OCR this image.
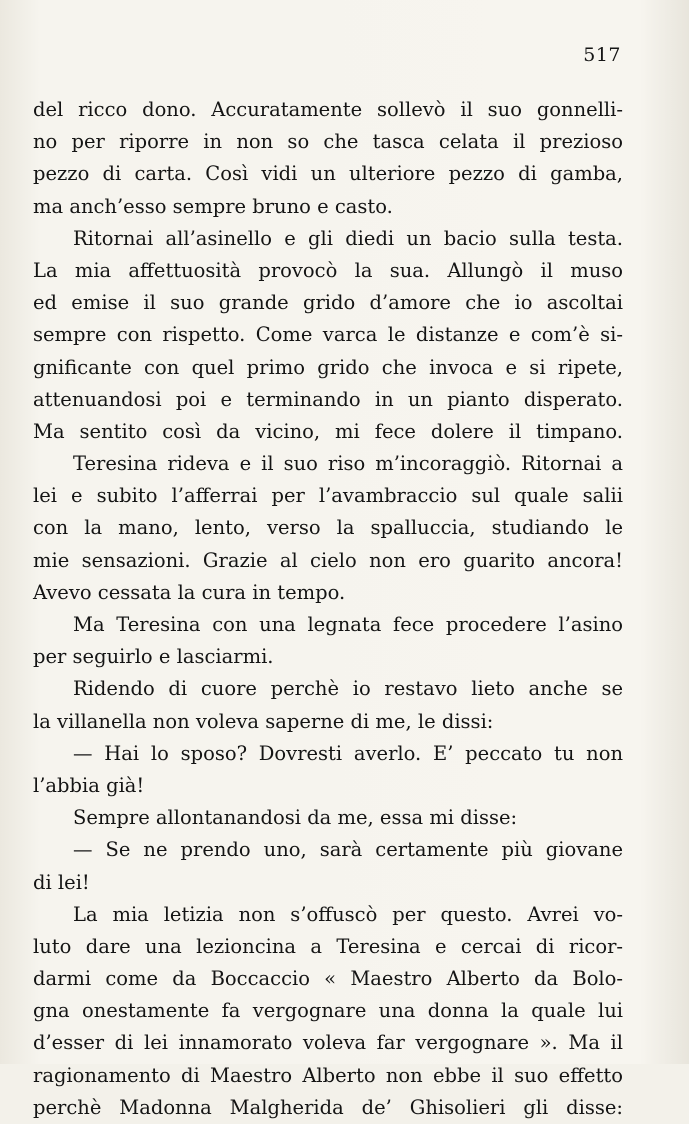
517
del ricco dono. Accuratamente sollevò il suo gonnelli-
no per riporre in non so che tasca celata il prezioso
pezzo di carta. Così vidi un ulteriore pezzo di gamba,
ma anch’esso sempre bruno e casto.
Ritornai all’asinello e gli diedi un bacio sulla testa.
La mia affettuosità provocò la sua. Allungò il muso
ed emise il suo grande grido d’amore che io ascoltai
sempre con rispetto. Come varca le distanze e com’è si-
gnificante con quel primo grido che invoca e si ripete,
attenuandosi poi e terminando in un pianto disperato.
Ma sentito così da vicino, mi fece dolere il timpano.
Teresina rideva e il suo riso m’incoraggiò. Ritornai a
lei e subito l’afferrai per l’avambraccio sul quale salii
con la mano, lento, verso la spalluccia, studiando le
mie sensazioni. Grazie al cielo non ero guarito ancora!
Avevo cessata la cura in tempo.
Ma Teresina con una legnata fece procedere l’asino
per seguirlo e lasciarmi.
Ridendo di cuore perchè io restavo lieto anche se
la villanella non voleva saperne di me, le dissi:
— Hai lo sposo? Dovresti averlo. E’ peccato tu non
l’abbia già!
Sempre allontanandosi da me, essa mi disse:
— Se ne prendo uno, sarà certamente più giovane
di lei!
La mia letizia non s’offuscò per questo. Avrei vo-
luto dare una lezioncina a Teresina e cercai di ricor-
darmi come da Boccaccio « Maestro Alberto da Bolo-
gna onestamente fa vergognare una donna la quale lui
d’esser di lei innamorato voleva far vergognare ». Ma il
ragionamento di Maestro Alberto non ebbe il suo effetto
perchè Madonna Malgherida de’ Ghisolieri gli disse:
